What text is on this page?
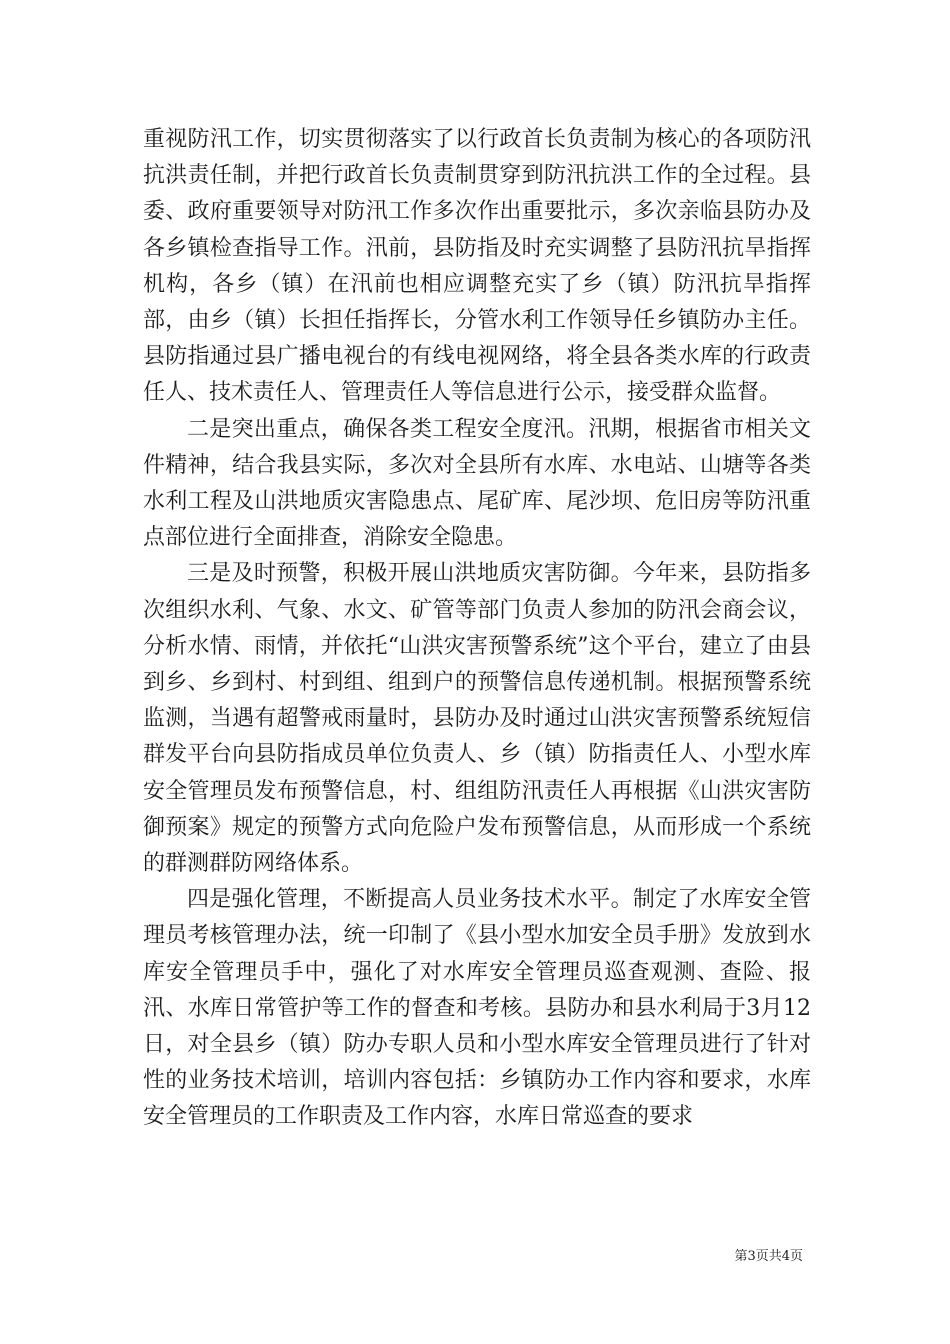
重视防汛工作，切实贯彻落实了以行政首长负责制为核心的各项防汛抗洪责任制，并把行政首长负责制贯穿到防汛抗洪工作的全过程。县委、政府重要领导对防汛工作多次作出重要批示，多次亲临县防办及各乡镇检查指导工作。汛前，县防指及时充实调整了县防汛抗旱指挥机构，各乡（镇）在汛前也相应调整充实了乡（镇）防汛抗旱指挥部，由乡（镇）长担任指挥长，分管水利工作领导任乡镇防办主任。县防指通过县广播电视台的有线电视网络，将全县各类水库的行政责任人、技术责任人、管理责任人等信息进行公示，接受群众监督。

二是突出重点，确保各类工程安全度汛。汛期，根据省市相关文件精神，结合我县实际，多次对全县所有水库、水电站、山塘等各类水利工程及山洪地质灾害隐患点、尾矿库、尾沙坝、危旧房等防汛重点部位进行全面排查，消除安全隐患。

三是及时预警，积极开展山洪地质灾害防御。今年来，县防指多次组织水利、气象、水文、矿管等部门负责人参加的防汛会商会议，分析水情、雨情，并依托“山洪灾害预警系统”这个平台，建立了由县到乡、乡到村、村到组、组到户的预警信息传递机制。根据预警系统监测，当遇有超警戒雨量时，县防办及时通过山洪灾害预警系统短信群发平台向县防指成员单位负责人、乡（镇）防指责任人、小型水库安全管理员发布预警信息，村、组组防汛责任人再根据《山洪灾害防御预案》规定的预警方式向危险户发布预警信息，从而形成一个系统的群测群防网络体系。

四是强化管理，不断提高人员业务技术水平。制定了水库安全管理员考核管理办法，统一印制了《县小型水加安全员手册》发放到水库安全管理员手中，强化了对水库安全管理员巡查观测、查险、报汛、水库日常管护等工作的督查和考核。县防办和县水利局于3月12日，对全县乡（镇）防办专职人员和小型水库安全管理员进行了针对性的业务技术培训，培训内容包括：乡镇防办工作内容和要求，水库安全管理员的工作职责及工作内容，水库日常巡查的要求

第3页共4页
